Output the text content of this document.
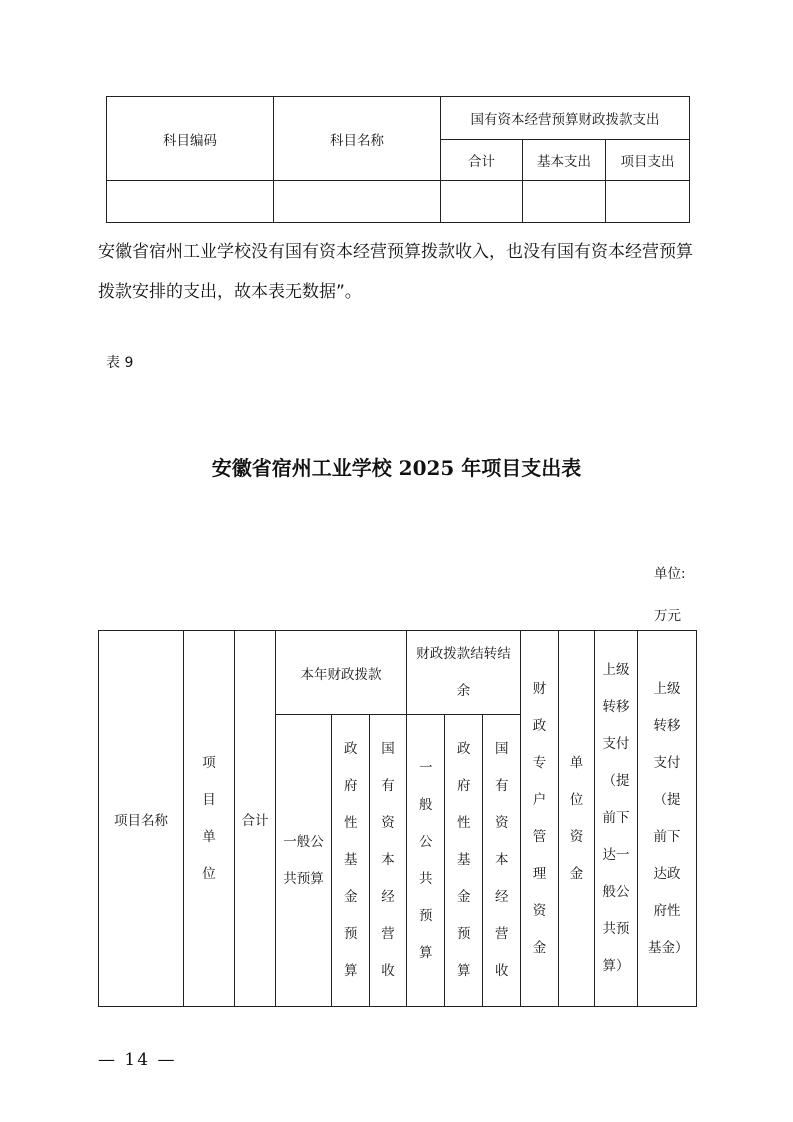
科目编码	科目名称	国有资本经营预算财政拨款支出		
		合计	基本支出	项目支出

安徽省宿州工业学校没有国有资本经营预算拨款收入，也没有国有资本经营预算拨款安排的支出，故本表无数据”。

表 9
安徽省宿州工业学校 2025 年项目支出表
单位:
万元
项目名称	项目单位	合计	本年财政拨款			财政拨款结转结余			财政专户管理资金	单位资金	上级转移支付（提前下达一般公共预算）	上级转移支付（提前下达政府性基金）
			一般公共预算	政府性基金预算	国有资本经营收	一般公共预算	政府性基金预算	国有资本经营收				
— 14 —
